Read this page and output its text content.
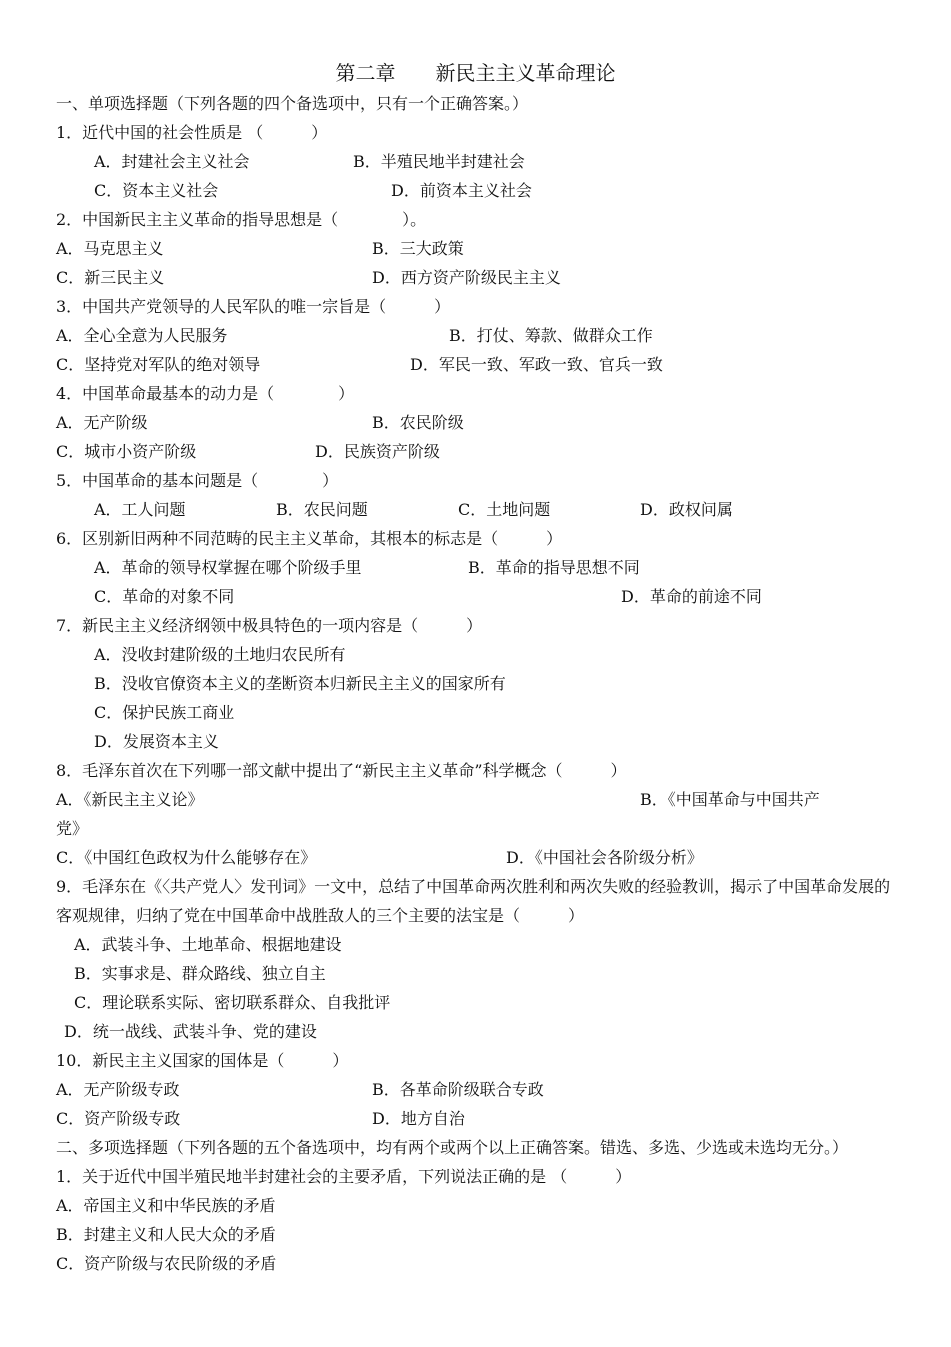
第二章　　新民主主义革命理论
一、单项选择题（下列各题的四个备选项中，只有一个正确答案。）
1．近代中国的社会性质是 （　　　）

A．封建社会主义社会

	B．半殖民地半封建社会

C．资本主义社会

	D．前资本主义社会

2．中国新民主主义革命的指导思想是（　　　　）。

A．马克思主义

	B．三大政策

C．新三民主义

	D．西方资产阶级民主主义

3．中国共产党领导的人民军队的唯一宗旨是（　　　）

A．全心全意为人民服务

	B．打仗、筹款、做群众工作

C．坚持党对军队的绝对领导

	D．军民一致、军政一致、官兵一致

4．中国革命最基本的动力是（　　　　）

A．无产阶级

	B．农民阶级

C．城市小资产阶级

	D．民族资产阶级

5．中国革命的基本问题是（　　　　）

A．工人问题

	B．农民问题

	C．土地问题

	D．政权问属

6．区别新旧两种不同范畴的民主主义革命，其根本的标志是（　　　）

A．革命的领导权掌握在哪个阶级手里

	B．革命的指导思想不同

C．革命的对象不同

	D．革命的前途不同

7．新民主主义经济纲领中极具特色的一项内容是（　　　）
A．没收封建阶级的土地归农民所有
B．没收官僚资本主义的垄断资本归新民主主义的国家所有
C．保护民族工商业
D．发展资本主义
8．毛泽东首次在下列哪一部文献中提出了“新民主主义革命”科学概念（　　　）

A．《新民主主义论》

	B．《中国革命与中国共产

党》

C．《中国红色政权为什么能够存在》

	D．《中国社会各阶级分析》

9．毛泽东在《〈共产党人〉发刊词》一文中，总结了中国革命两次胜利和两次失败的经验教训，揭示了中国革命发展的客观规律，归纳了党在中国革命中战胜敌人的三个主要的法宝是（　　　）
A．武装斗争、土地革命、根据地建设
B．实事求是、群众路线、独立自主
C．理论联系实际、密切联系群众、自我批评
D．统一战线、武装斗争、党的建设
10．新民主主义国家的国体是（　　　）

A．无产阶级专政

	B．各革命阶级联合专政

C．资产阶级专政

	D．地方自治

二、多项选择题（下列各题的五个备选项中，均有两个或两个以上正确答案。错选、多选、少选或未选均无分。）
1．关于近代中国半殖民地半封建社会的主要矛盾，下列说法正确的是 （　　　）
A．帝国主义和中华民族的矛盾
B．封建主义和人民大众的矛盾
C．资产阶级与农民阶级的矛盾
